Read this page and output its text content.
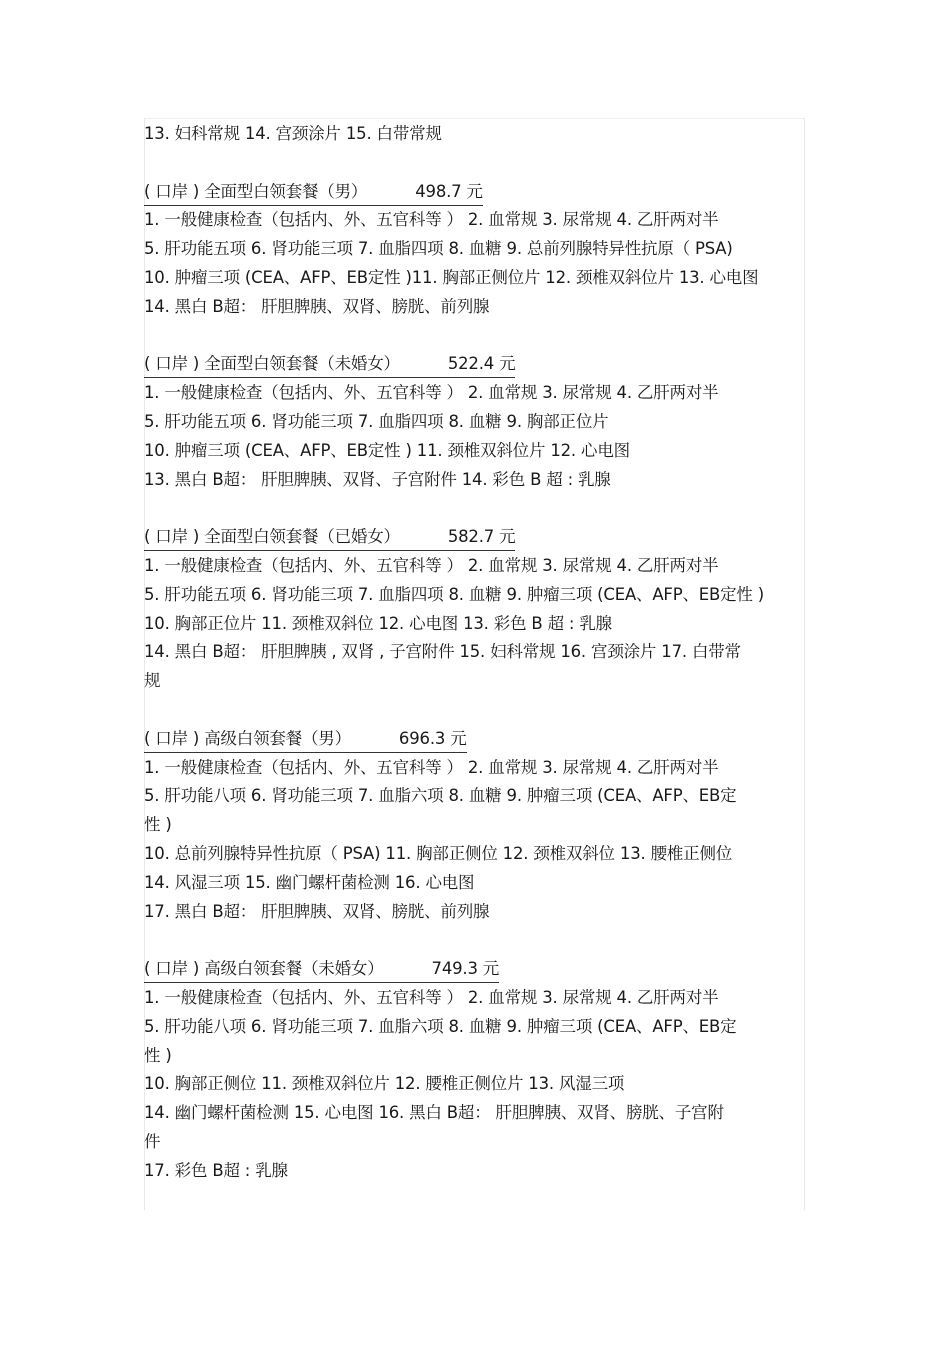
13. 妇科常规 14. 宫颈涂片 15. 白带常规
( 口岸 ) 全面型白领套餐（男）	498.7 元
1. 一般健康检查（包括内、外、五官科等 ） 2. 血常规 3. 尿常规 4. 乙肝两对半
5. 肝功能五项 6. 肾功能三项 7. 血脂四项 8. 血糖 9. 总前列腺特异性抗原（ PSA)
10. 肿瘤三项 (CEA、AFP、EB定性 )11. 胸部正侧位片 12. 颈椎双斜位片 13. 心电图
14. 黑白 B超： 肝胆脾胰、双肾、膀胱、前列腺
( 口岸 ) 全面型白领套餐（未婚女）	522.4 元
1. 一般健康检查（包括内、外、五官科等 ） 2. 血常规 3. 尿常规 4. 乙肝两对半
5. 肝功能五项 6. 肾功能三项 7. 血脂四项 8. 血糖 9. 胸部正位片
10. 肿瘤三项 (CEA、AFP、EB定性 ) 11. 颈椎双斜位片 12. 心电图
13. 黑白 B超： 肝胆脾胰、双肾、子宫附件 14. 彩色 B 超 : 乳腺
( 口岸 ) 全面型白领套餐（已婚女）	582.7 元
1. 一般健康检查（包括内、外、五官科等 ） 2. 血常规 3. 尿常规 4. 乙肝两对半
5. 肝功能五项 6. 肾功能三项 7. 血脂四项 8. 血糖 9. 肿瘤三项 (CEA、AFP、EB定性 )
10. 胸部正位片 11. 颈椎双斜位 12. 心电图 13. 彩色 B 超 : 乳腺
14. 黑白 B超： 肝胆脾胰 , 双肾 , 子宫附件 15. 妇科常规 16. 宫颈涂片 17. 白带常
规
( 口岸 ) 高级白领套餐（男）	696.3 元
1. 一般健康检查（包括内、外、五官科等 ） 2. 血常规 3. 尿常规 4. 乙肝两对半
5. 肝功能八项 6. 肾功能三项 7. 血脂六项 8. 血糖 9. 肿瘤三项 (CEA、AFP、EB定
性 )
10. 总前列腺特异性抗原（ PSA) 11. 胸部正侧位 12. 颈椎双斜位 13. 腰椎正侧位
14. 风湿三项 15. 幽门螺杆菌检测 16. 心电图
17. 黑白 B超： 肝胆脾胰、双肾、膀胱、前列腺
( 口岸 ) 高级白领套餐（未婚女）	749.3 元
1. 一般健康检查（包括内、外、五官科等 ） 2. 血常规 3. 尿常规 4. 乙肝两对半
5. 肝功能八项 6. 肾功能三项 7. 血脂六项 8. 血糖 9. 肿瘤三项 (CEA、AFP、EB定
性 )
10. 胸部正侧位 11. 颈椎双斜位片 12. 腰椎正侧位片 13. 风湿三项
14. 幽门螺杆菌检测 15. 心电图 16. 黑白 B超： 肝胆脾胰、双肾、膀胱、子宫附
件
17. 彩色 B超 : 乳腺
